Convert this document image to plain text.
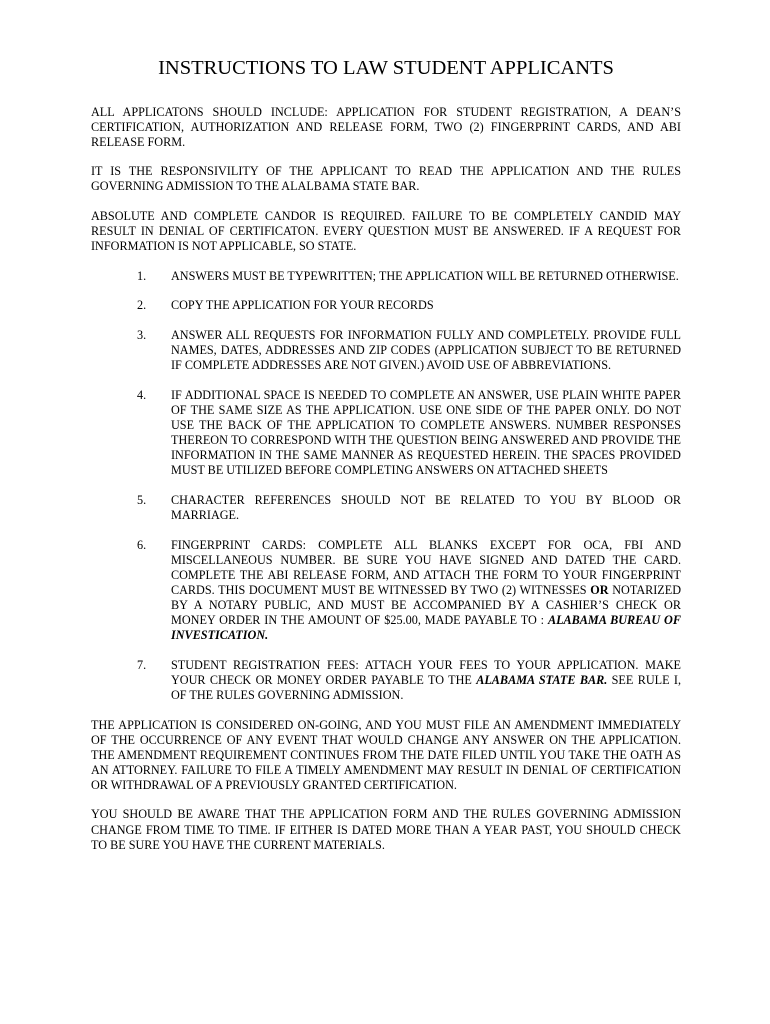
INSTRUCTIONS TO LAW STUDENT APPLICANTS

ALL APPLICATONS SHOULD INCLUDE: APPLICATION FOR STUDENT REGISTRATION, A DEAN’S CERTIFICATION, AUTHORIZATION AND RELEASE FORM, TWO (2) FINGERPRINT CARDS, AND ABI RELEASE FORM.

IT IS THE RESPONSIVILITY OF THE APPLICANT TO READ THE APPLICATION AND THE RULES GOVERNING ADMISSION TO THE ALALBAMA STATE BAR.

ABSOLUTE AND COMPLETE CANDOR IS REQUIRED. FAILURE TO BE COMPLETELY CANDID MAY RESULT IN DENIAL OF CERTIFICATON. EVERY QUESTION MUST BE ANSWERED. IF A REQUEST FOR INFORMATION IS NOT APPLICABLE, SO STATE.

1. ANSWERS MUST BE TYPEWRITTEN; THE APPLICATION WILL BE RETURNED OTHERWISE.
2. COPY THE APPLICATION FOR YOUR RECORDS
3. ANSWER ALL REQUESTS FOR INFORMATION FULLY AND COMPLETELY. PROVIDE FULL NAMES, DATES, ADDRESSES AND ZIP CODES (APPLICATION SUBJECT TO BE RETURNED IF COMPLETE ADDRESSES ARE NOT GIVEN.) AVOID USE OF ABBREVIATIONS.
4. IF ADDITIONAL SPACE IS NEEDED TO COMPLETE AN ANSWER, USE PLAIN WHITE PAPER OF THE SAME SIZE AS THE APPLICATION. USE ONE SIDE OF THE PAPER ONLY. DO NOT USE THE BACK OF THE APPLICATION TO COMPLETE ANSWERS. NUMBER RESPONSES THEREON TO CORRESPOND WITH THE QUESTION BEING ANSWERED AND PROVIDE THE INFORMATION IN THE SAME MANNER AS REQUESTED HEREIN. THE SPACES PROVIDED MUST BE UTILIZED BEFORE COMPLETING ANSWERS ON ATTACHED SHEETS
5. CHARACTER REFERENCES SHOULD NOT BE RELATED TO YOU BY BLOOD OR MARRIAGE.
6. FINGERPRINT CARDS: COMPLETE ALL BLANKS EXCEPT FOR OCA, FBI AND MISCELLANEOUS NUMBER. BE SURE YOU HAVE SIGNED AND DATED THE CARD. COMPLETE THE ABI RELEASE FORM, AND ATTACH THE FORM TO YOUR FINGERPRINT CARDS. THIS DOCUMENT MUST BE WITNESSED BY TWO (2) WITNESSES OR NOTARIZED BY A NOTARY PUBLIC, AND MUST BE ACCOMPANIED BY A CASHIER’S CHECK OR MONEY ORDER IN THE AMOUNT OF $25.00, MADE PAYABLE TO : ALABAMA BUREAU OF INVESTICATION.
7. STUDENT REGISTRATION FEES: ATTACH YOUR FEES TO YOUR APPLICATION. MAKE YOUR CHECK OR MONEY ORDER PAYABLE TO THE ALABAMA STATE BAR. SEE RULE I, OF THE RULES GOVERNING ADMISSION.

THE APPLICATION IS CONSIDERED ON-GOING, AND YOU MUST FILE AN AMENDMENT IMMEDIATELY OF THE OCCURRENCE OF ANY EVENT THAT WOULD CHANGE ANY ANSWER ON THE APPLICATION. THE AMENDMENT REQUIREMENT CONTINUES FROM THE DATE FILED UNTIL YOU TAKE THE OATH AS AN ATTORNEY. FAILURE TO FILE A TIMELY AMENDMENT MAY RESULT IN DENIAL OF CERTIFICATION OR WITHDRAWAL OF A PREVIOUSLY GRANTED CERTIFICATION.

YOU SHOULD BE AWARE THAT THE APPLICATION FORM AND THE RULES GOVERNING ADMISSION CHANGE FROM TIME TO TIME. IF EITHER IS DATED MORE THAN A YEAR PAST, YOU SHOULD CHECK TO BE SURE YOU HAVE THE CURRENT MATERIALS.
